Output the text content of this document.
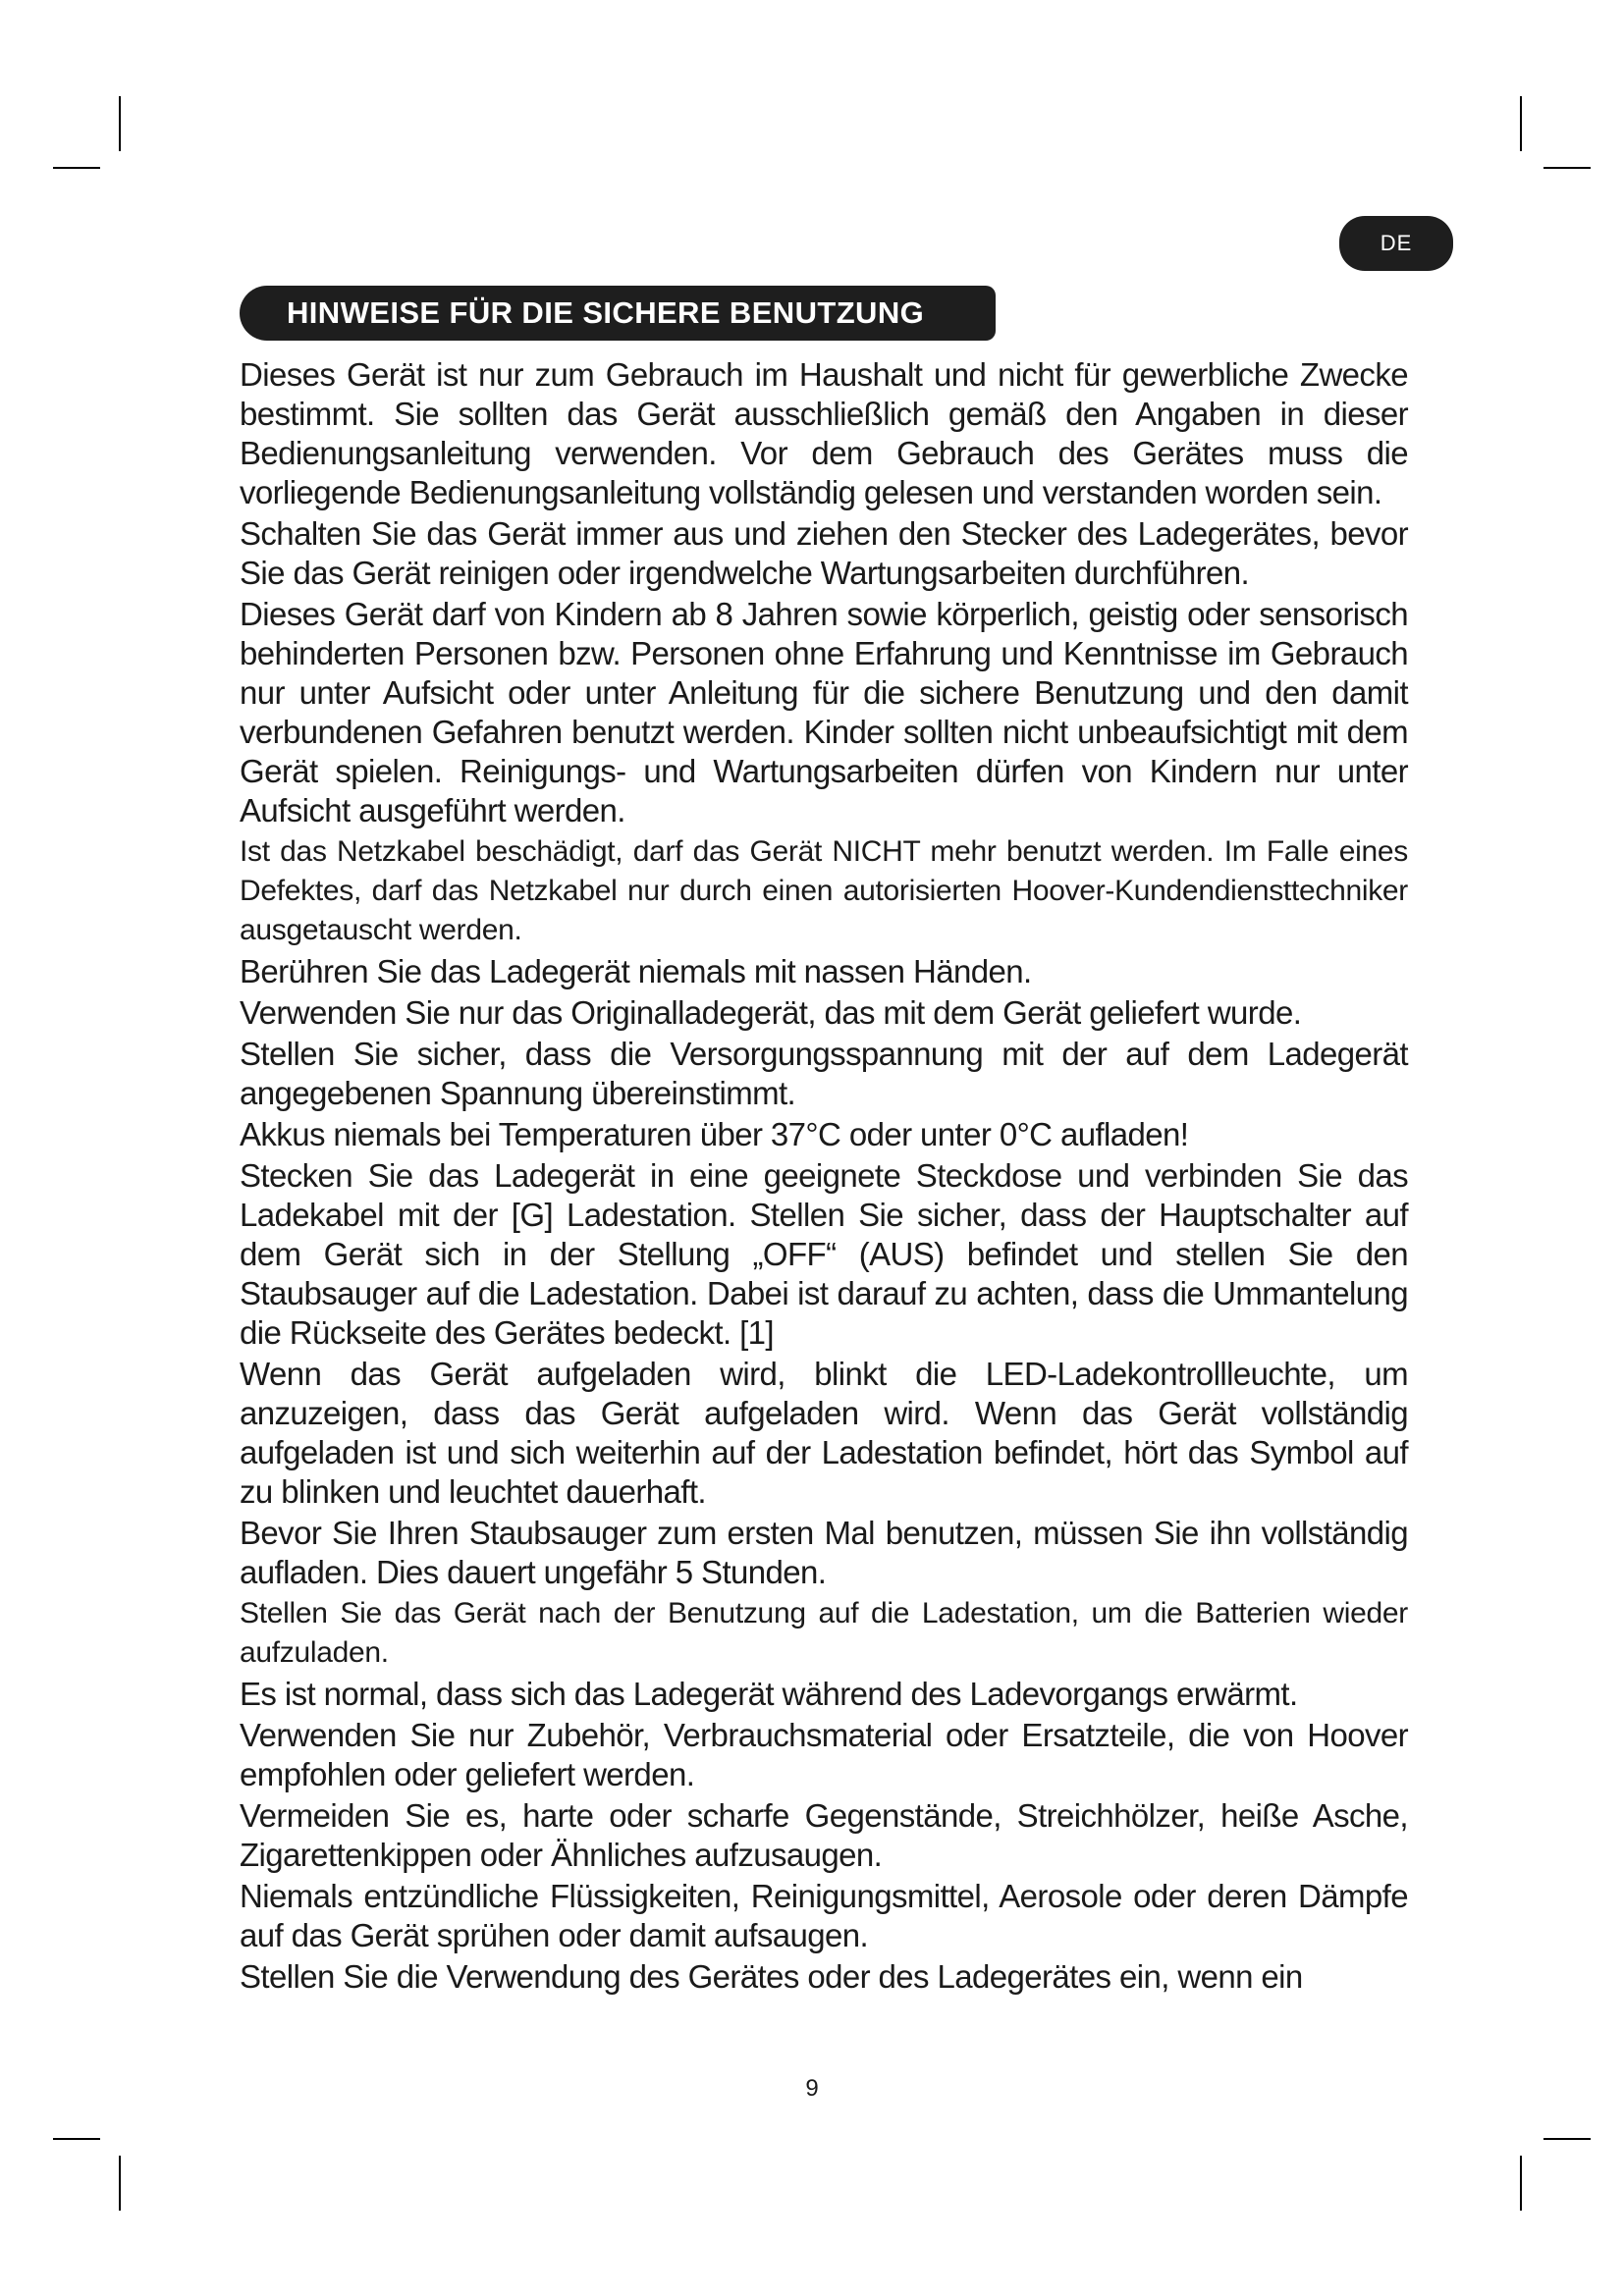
DE
HINWEISE FÜR DIE SICHERE BENUTZUNG

Dieses Gerät ist nur zum Gebrauch im Haushalt und nicht für gewerbliche Zwecke bestimmt. Sie sollten das Gerät ausschließlich gemäß den Angaben in dieser Bedienungsanleitung verwenden. Vor dem Gebrauch des Gerätes muss die vorliegende Bedienungsanleitung vollständig gelesen und verstanden worden sein.

Schalten Sie das Gerät immer aus und ziehen den Stecker des Ladegerätes, bevor Sie das Gerät reinigen oder irgendwelche Wartungsarbeiten durchführen.

Dieses Gerät darf von Kindern ab 8 Jahren sowie körperlich, geistig oder sensorisch behinderten Personen bzw. Personen ohne Erfahrung und Kenntnisse im Gebrauch nur unter Aufsicht oder unter Anleitung für die sichere Benutzung und den damit verbundenen Gefahren benutzt werden. Kinder sollten nicht unbeaufsichtigt mit dem Gerät spielen. Reinigungs- und Wartungsarbeiten dürfen von Kindern nur unter Aufsicht ausgeführt werden.

Ist das Netzkabel beschädigt, darf das Gerät NICHT mehr benutzt werden. Im Falle eines Defektes, darf das Netzkabel nur durch einen autorisierten Hoover-Kundendiensttechniker ausgetauscht werden.

Berühren Sie das Ladegerät niemals mit nassen Händen.

Verwenden Sie nur das Originalladegerät, das mit dem Gerät geliefert wurde.

Stellen Sie sicher, dass die Versorgungsspannung mit der auf dem Ladegerät angegebenen Spannung übereinstimmt.

Akkus niemals bei Temperaturen über 37°C oder unter 0°C aufladen!

Stecken Sie das Ladegerät in eine geeignete Steckdose und verbinden Sie das Ladekabel mit der [G] Ladestation. Stellen Sie sicher, dass der Hauptschalter auf dem Gerät sich in der Stellung „OFF“ (AUS) befindet und stellen Sie den Staubsauger auf die Ladestation. Dabei ist darauf zu achten, dass die Ummantelung die Rückseite des Gerätes bedeckt. [1]

Wenn das Gerät aufgeladen wird, blinkt die LED-Ladekontrollleuchte, um anzuzeigen, dass das Gerät aufgeladen wird. Wenn das Gerät vollständig aufgeladen ist und sich weiterhin auf der Ladestation befindet, hört das Symbol auf zu blinken und leuchtet dauerhaft.

Bevor Sie Ihren Staubsauger zum ersten Mal benutzen, müssen Sie ihn vollständig aufladen. Dies dauert ungefähr 5 Stunden.

Stellen Sie das Gerät nach der Benutzung auf die Ladestation, um die Batterien wieder aufzuladen.

Es ist normal, dass sich das Ladegerät während des Ladevorgangs erwärmt.

Verwenden Sie nur Zubehör, Verbrauchsmaterial oder Ersatzteile, die von Hoover empfohlen oder geliefert werden.

Vermeiden Sie es, harte oder scharfe Gegenstände, Streichhölzer, heiße Asche, Zigarettenkippen oder Ähnliches aufzusaugen.

Niemals entzündliche Flüssigkeiten, Reinigungsmittel, Aerosole oder deren Dämpfe auf das Gerät sprühen oder damit aufsaugen.

Stellen Sie die Verwendung des Gerätes oder des Ladegerätes ein, wenn ein

9
